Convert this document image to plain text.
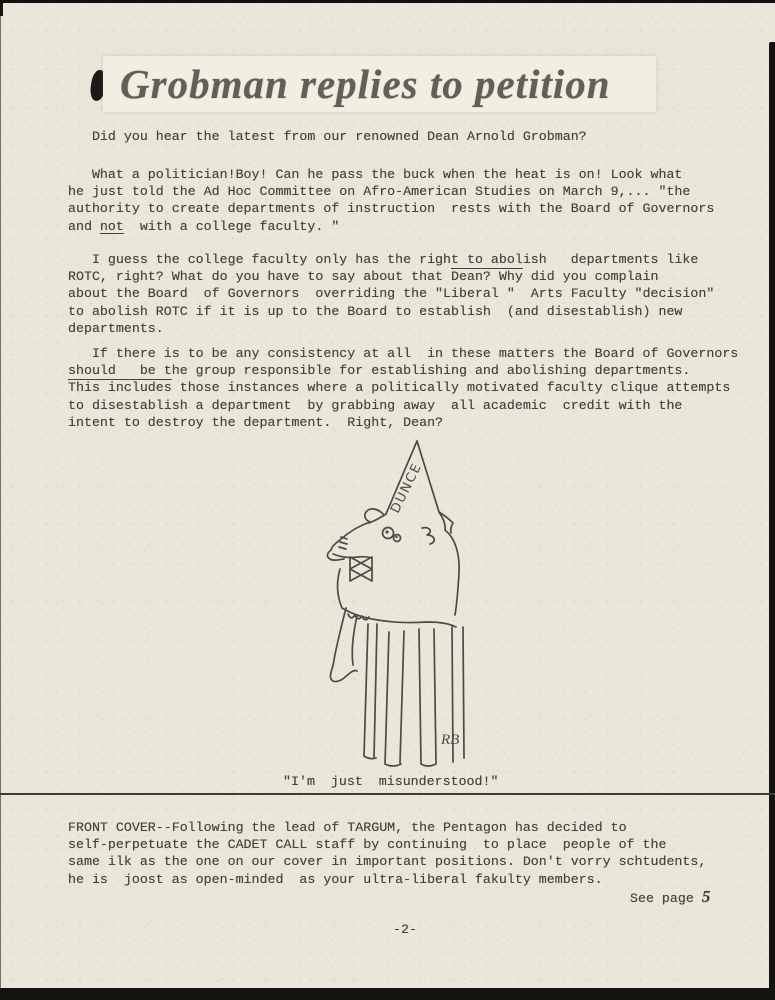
Grobman replies to petition
Did you hear the latest from our renowned Dean Arnold Grobman?
What a politician!Boy! Can he pass the buck when the heat is on! Look what
he just told the Ad Hoc Committee on Afro-American Studies on March 9,... "the
authority to create departments of instruction  rests with the Board of Governors
and not  with a college faculty. "
I guess the college faculty only has the right to abolish   departments like
ROTC, right? What do you have to say about that Dean? Why did you complain
about the Board  of Governors  overriding the "Liberal "  Arts Faculty "decision"
to abolish ROTC if it is up to the Board to establish  (and disestablish) new
departments.
If there is to be any consistency at all  in these matters the Board of Governors
should   be the group responsible for establishing and abolishing departments.
This includes those instances where a politically motivated faculty clique attempts
to disestablish a department  by grabbing away  all academic  credit with the
intent to destroy the department.  Right, Dean?
DUNCE
RB
"I'm  just  misunderstood!"
FRONT COVER--Following the lead of TARGUM, the Pentagon has decided to
self-perpetuate the CADET CALL staff by continuing  to place  people of the
same ilk as the one on our cover in important positions. Don't vorry schtudents,
he is  joost as open-minded  as your ultra-liberal fakulty members.
See page 5
-2-
